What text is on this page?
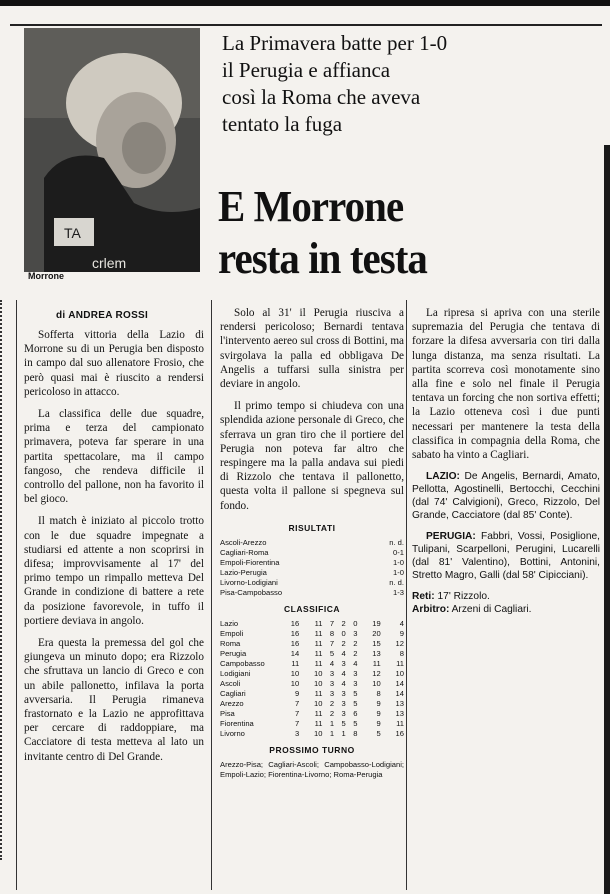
TA
crlem
Morrone
La Primavera batte per 1-0
il Perugia e affianca
così la Roma che aveva
tentato la fuga
E Morrone
resta in testa
di ANDREA ROSSI

Sofferta vittoria della Lazio di Morrone su di un Perugia ben disposto in campo dal suo allenatore Frosio, che però quasi mai è riuscito a rendersi pericoloso in attacco.

La classifica delle due squadre, prima e terza del campionato primavera, poteva far sperare in una partita spettacolare, ma il campo fangoso, che rendeva difficile il controllo del pallone, non ha favorito il bel gioco.

Il match è iniziato al piccolo trotto con le due squadre impegnate a studiarsi ed attente a non scoprirsi in difesa; improvvisamente al 17' del primo tempo un rimpallo metteva Del Grande in condizione di battere a rete da posizione favorevole, in tuffo il portiere deviava in angolo.

Era questa la premessa del gol che giungeva un minuto dopo; era Rizzolo che sfruttava un lancio di Greco e con un abile pallonetto, infilava la porta avversaria. Il Perugia rimaneva frastornato e la Lazio ne approfittava per cercare di raddoppiare, ma Cacciatore di testa metteva al lato un invitante centro di Del Grande.

Solo al 31' il Perugia riusciva a rendersi pericoloso; Bernardi tentava l'intervento aereo sul cross di Bottini, ma svirgolava la palla ed obbligava De Angelis a tuffarsi sulla sinistra per deviare in angolo.

Il primo tempo si chiudeva con una splendida azione personale di Greco, che sferrava un gran tiro che il portiere del Perugia non poteva far altro che respingere ma la palla andava sui piedi di Rizzolo che tentava il pallonetto, questa volta il pallone si spegneva sul fondo.

RISULTATI
Ascoli-Arezzo	n. d.
Cagliari-Roma	0-1
Empoli-Fiorentina	1-0
Lazio-Perugia	1-0
Livorno-Lodigiani	n. d.
Pisa-Campobasso	1-3
CLASSIFICA
Lazio	16	11	7	2	0	19	4
Empoli	16	11	8	0	3	20	9
Roma	16	11	7	2	2	15	12
Perugia	14	11	5	4	2	13	8
Campobasso	11	11	4	3	4	11	11
Lodigiani	10	10	3	4	3	12	10
Ascoli	10	10	3	4	3	10	14
Cagliari	9	11	3	3	5	8	14
Arezzo	7	10	2	3	5	9	13
Pisa	7	11	2	3	6	9	13
Fiorentina	7	11	1	5	5	9	11
Livorno	3	10	1	1	8	5	16
PROSSIMO TURNO
Arezzo-Pisa; Cagliari-Ascoli; Campobasso-Lodigiani; Empoli-Lazio; Fiorentina-Livorno; Roma-Perugia

La ripresa si apriva con una sterile supremazia del Perugia che tentava di forzare la difesa avversaria con tiri dalla lunga distanza, ma senza risultati. La partita scorreva così monotamente sino alla fine e solo nel finale il Perugia tentava un forcing che non sortiva effetti; la Lazio otteneva così i due punti necessari per mantenere la testa della classifica in compagnia della Roma, che sabato ha vinto a Cagliari.

LAZIO: De Angelis, Bernardi, Amato, Pellotta, Agostinelli, Bertocchi, Cecchini (dal 74' Calvigioni), Greco, Rizzolo, Del Grande, Cacciatore (dal 85' Conte).

PERUGIA: Fabbri, Vossi, Posiglione, Tulipani, Scarpelloni, Perugini, Lucarelli (dal 81' Valentino), Bottini, Antonini, Stretto Magro, Galli (dal 58' Cipicciani).

Reti: 17' Rizzolo.
Arbitro: Arzeni di Cagliari.
